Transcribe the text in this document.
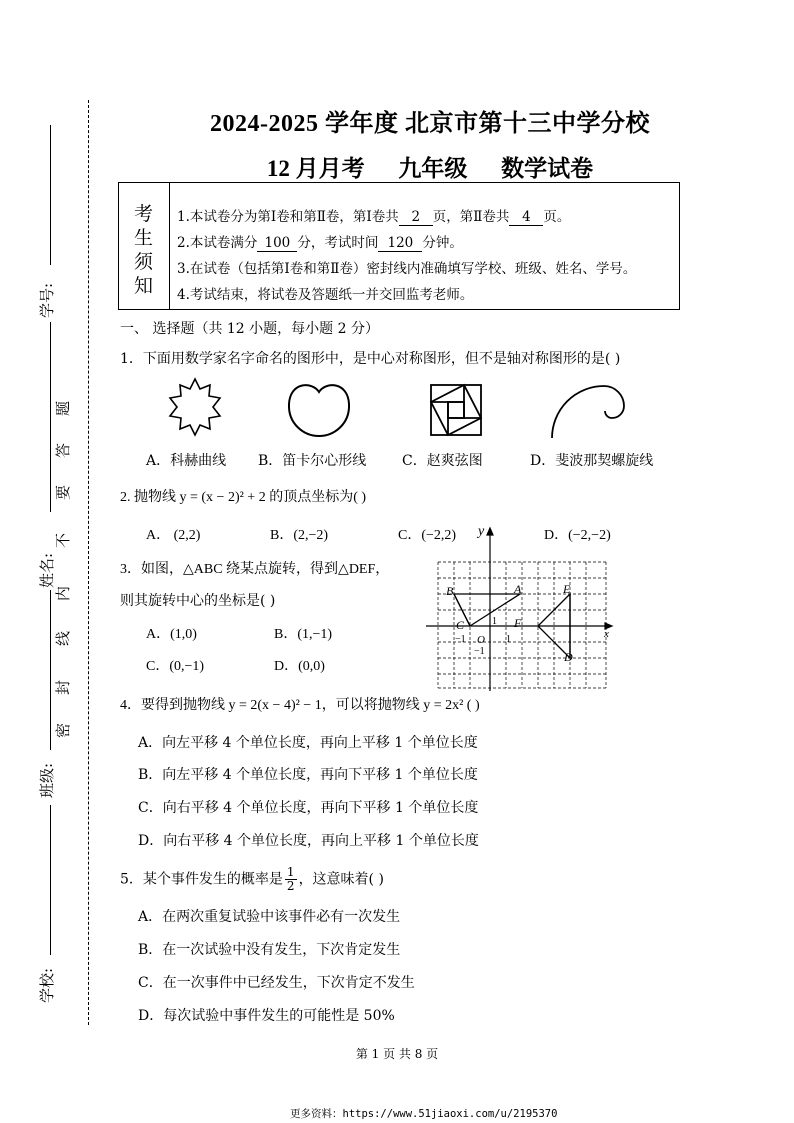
学号:
姓名:
班级:
学校:
题
答
要
不
内
线
封
密
2024-2025 学年度 北京市第十三中学分校
12 月月考 九年级 数学试卷
考
生
须
知
1.本试卷分为第Ⅰ卷和第Ⅱ卷，第Ⅰ卷共 2 页，第Ⅱ卷共 4 页。
2.本试卷满分 100 分，考试时间 120 分钟。
3.在试卷（包括第Ⅰ卷和第Ⅱ卷）密封线内准确填写学校、班级、姓名、学号。
4.考试结束，将试卷及答题纸一并交回监考老师。
一、 选择题（共 12 小题，每小题 2 分）
1．下面用数学家名字命名的图形中，是中心对称图形，但不是轴对称图形的是( )
A．科赫曲线 B．笛卡尔心形线	C．赵爽弦图	D．斐波那契螺旋线
2. 抛物线 y = (x − 2)² + 2 的顶点坐标为( )
A． (2,2)	B．(2,−2)	C．(−2,2)	D．(−2,−2)
3．如图，△ABC 绕某点旋转，得到△DEF，
则其旋转中心的坐标是( )
A．(1,0)	B．(1,−1)
C．(0,−1)	D．(0,0)
y
x
B	A	E
C	F
D
O 1
1
−1
−1
4．要得到抛物线 y = 2(x − 4)² − 1，可以将抛物线 y = 2x² ( )
A．向左平移 4 个单位长度，再向上平移 1 个单位长度
B．向左平移 4 个单位长度，再向下平移 1 个单位长度
C．向右平移 4 个单位长度，再向下平移 1 个单位长度
D．向右平移 4 个单位长度，再向上平移 1 个单位长度
5．某个事件发生的概率是 $\frac{1}{2}$ ，这意味着( )
A．在两次重复试验中该事件必有一次发生
B．在一次试验中没有发生，下次肯定发生
C．在一次事件中已经发生，下次肯定不发生
D．每次试验中事件发生的可能性是 50%
第 1 页 共 8 页
更多资料：https://www.51jiaoxi.com/u/2195370
